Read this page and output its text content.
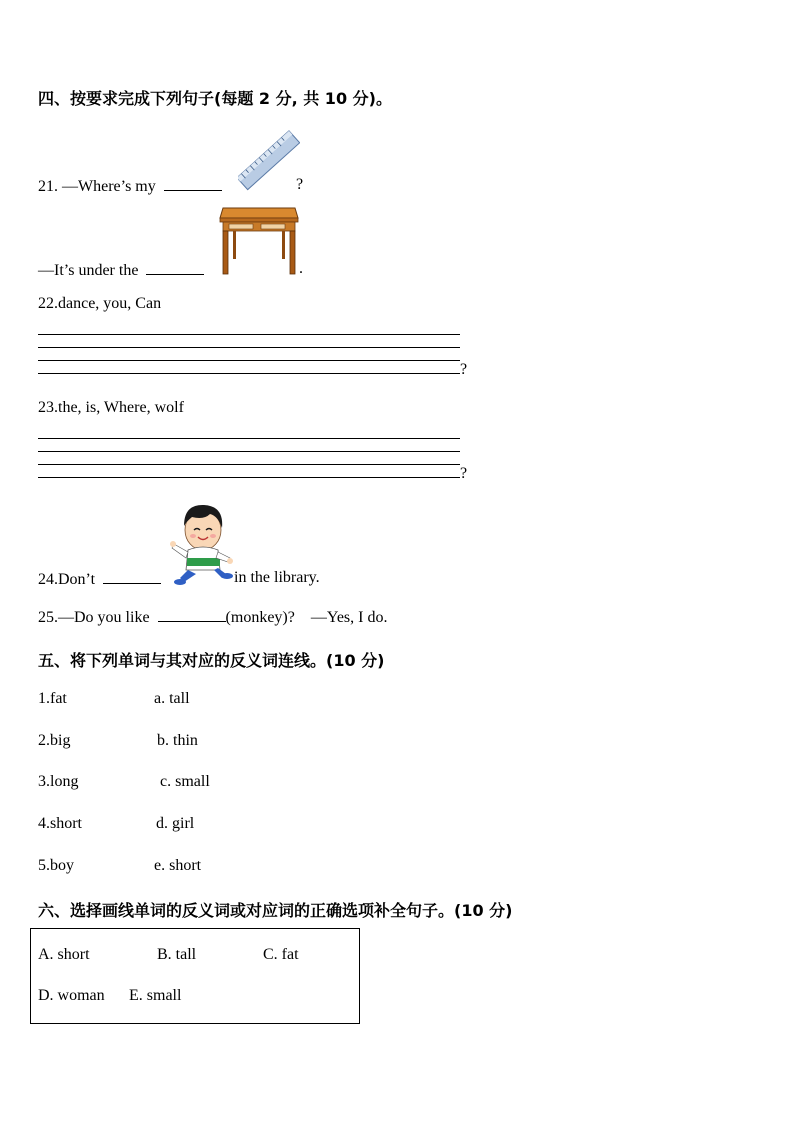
四、按要求完成下列句子(每题 2 分, 共 10 分)。
21. —Where’s my	?
—It’s under the	.
22.dance, you, Can
?
23.the, is, Where, wolf
?
24.Don’t	in the library.
25.—Do you like	(monkey)? —Yes, I do.
五、将下列单词与其对应的反义词连线。(10 分)
1.fat	a. tall
2.big	b. thin
3.long	c. small
4.short	d. girl
5.boy	e. short
六、选择画线单词的反义词或对应词的正确选项补全句子。(10 分)
A. short	B. tall	C. fat
D. woman E. small
